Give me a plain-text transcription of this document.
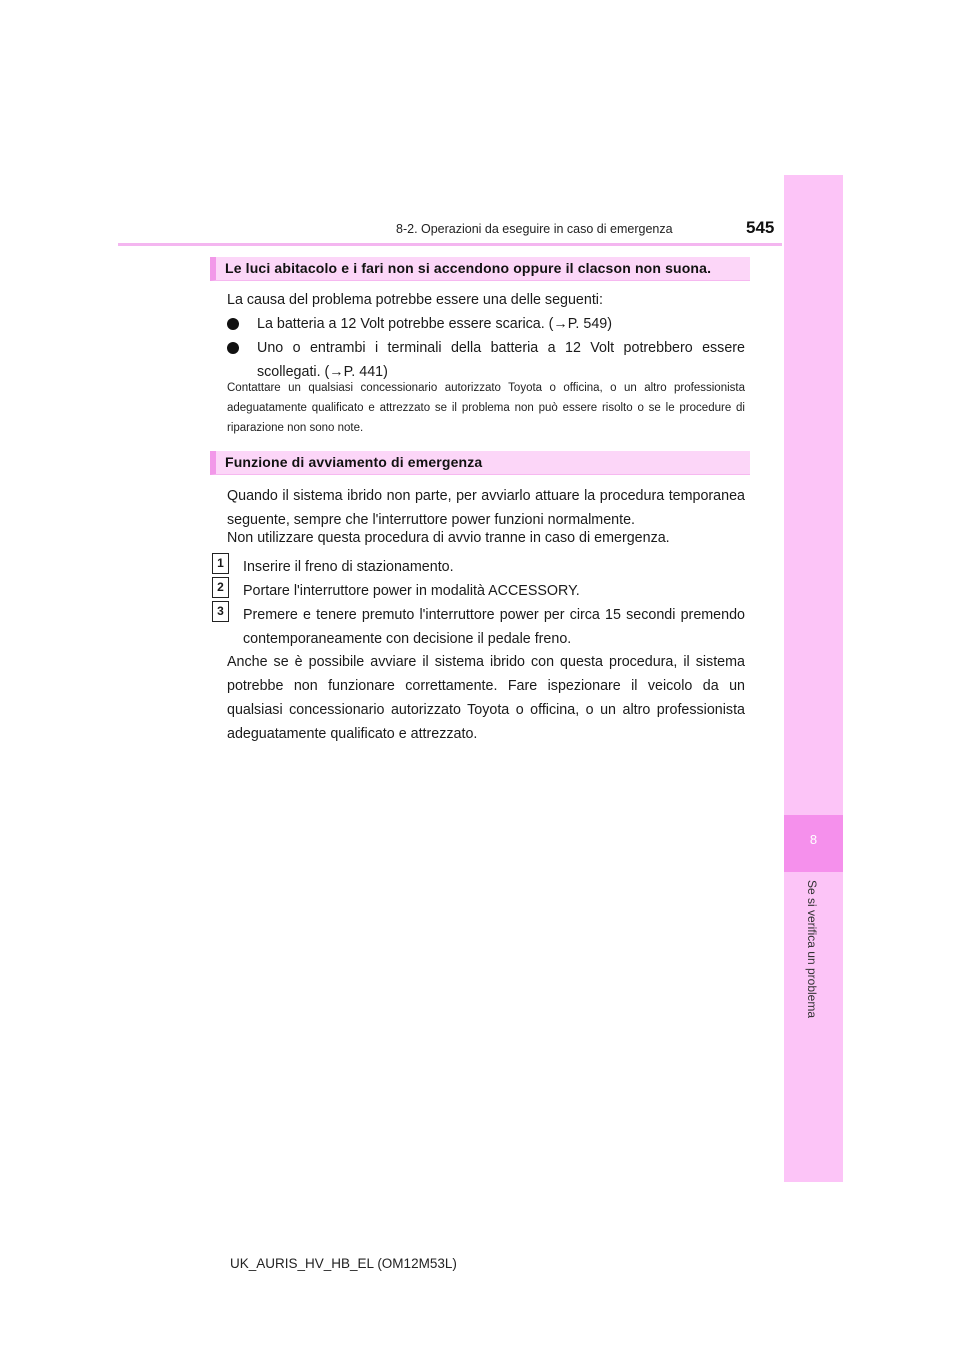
8-2. Operazioni da eseguire in caso di emergenza	545
8
Se si verifica un problema
Le luci abitacolo e i fari non si accendono oppure il clacson non suona.
La causa del problema potrebbe essere una delle seguenti:
La batteria a 12 Volt potrebbe essere scarica. (→P. 549)
Uno o entrambi i terminali della batteria a 12 Volt potrebbero essere scollegati. (→P. 441)
Contattare un qualsiasi concessionario autorizzato Toyota o officina, o un altro professionista adeguatamente qualificato e attrezzato se il problema non può essere risolto o se le procedure di riparazione non sono note.
Funzione di avviamento di emergenza
Quando il sistema ibrido non parte, per avviarlo attuare la procedura temporanea seguente, sempre che l'interruttore power funzioni normalmente.
Non utilizzare questa procedura di avvio tranne in caso di emergenza.
1	Inserire il freno di stazionamento.
2	Portare l'interruttore power in modalità ACCESSORY.
3	Premere e tenere premuto l'interruttore power per circa 15 secondi premendo contemporaneamente con decisione il pedale freno.
Anche se è possibile avviare il sistema ibrido con questa procedura, il sistema potrebbe non funzionare correttamente. Fare ispezionare il veicolo da un qualsiasi concessionario autorizzato Toyota o officina, o un altro professionista adeguatamente qualificato e attrezzato.
UK_AURIS_HV_HB_EL (OM12M53L)
